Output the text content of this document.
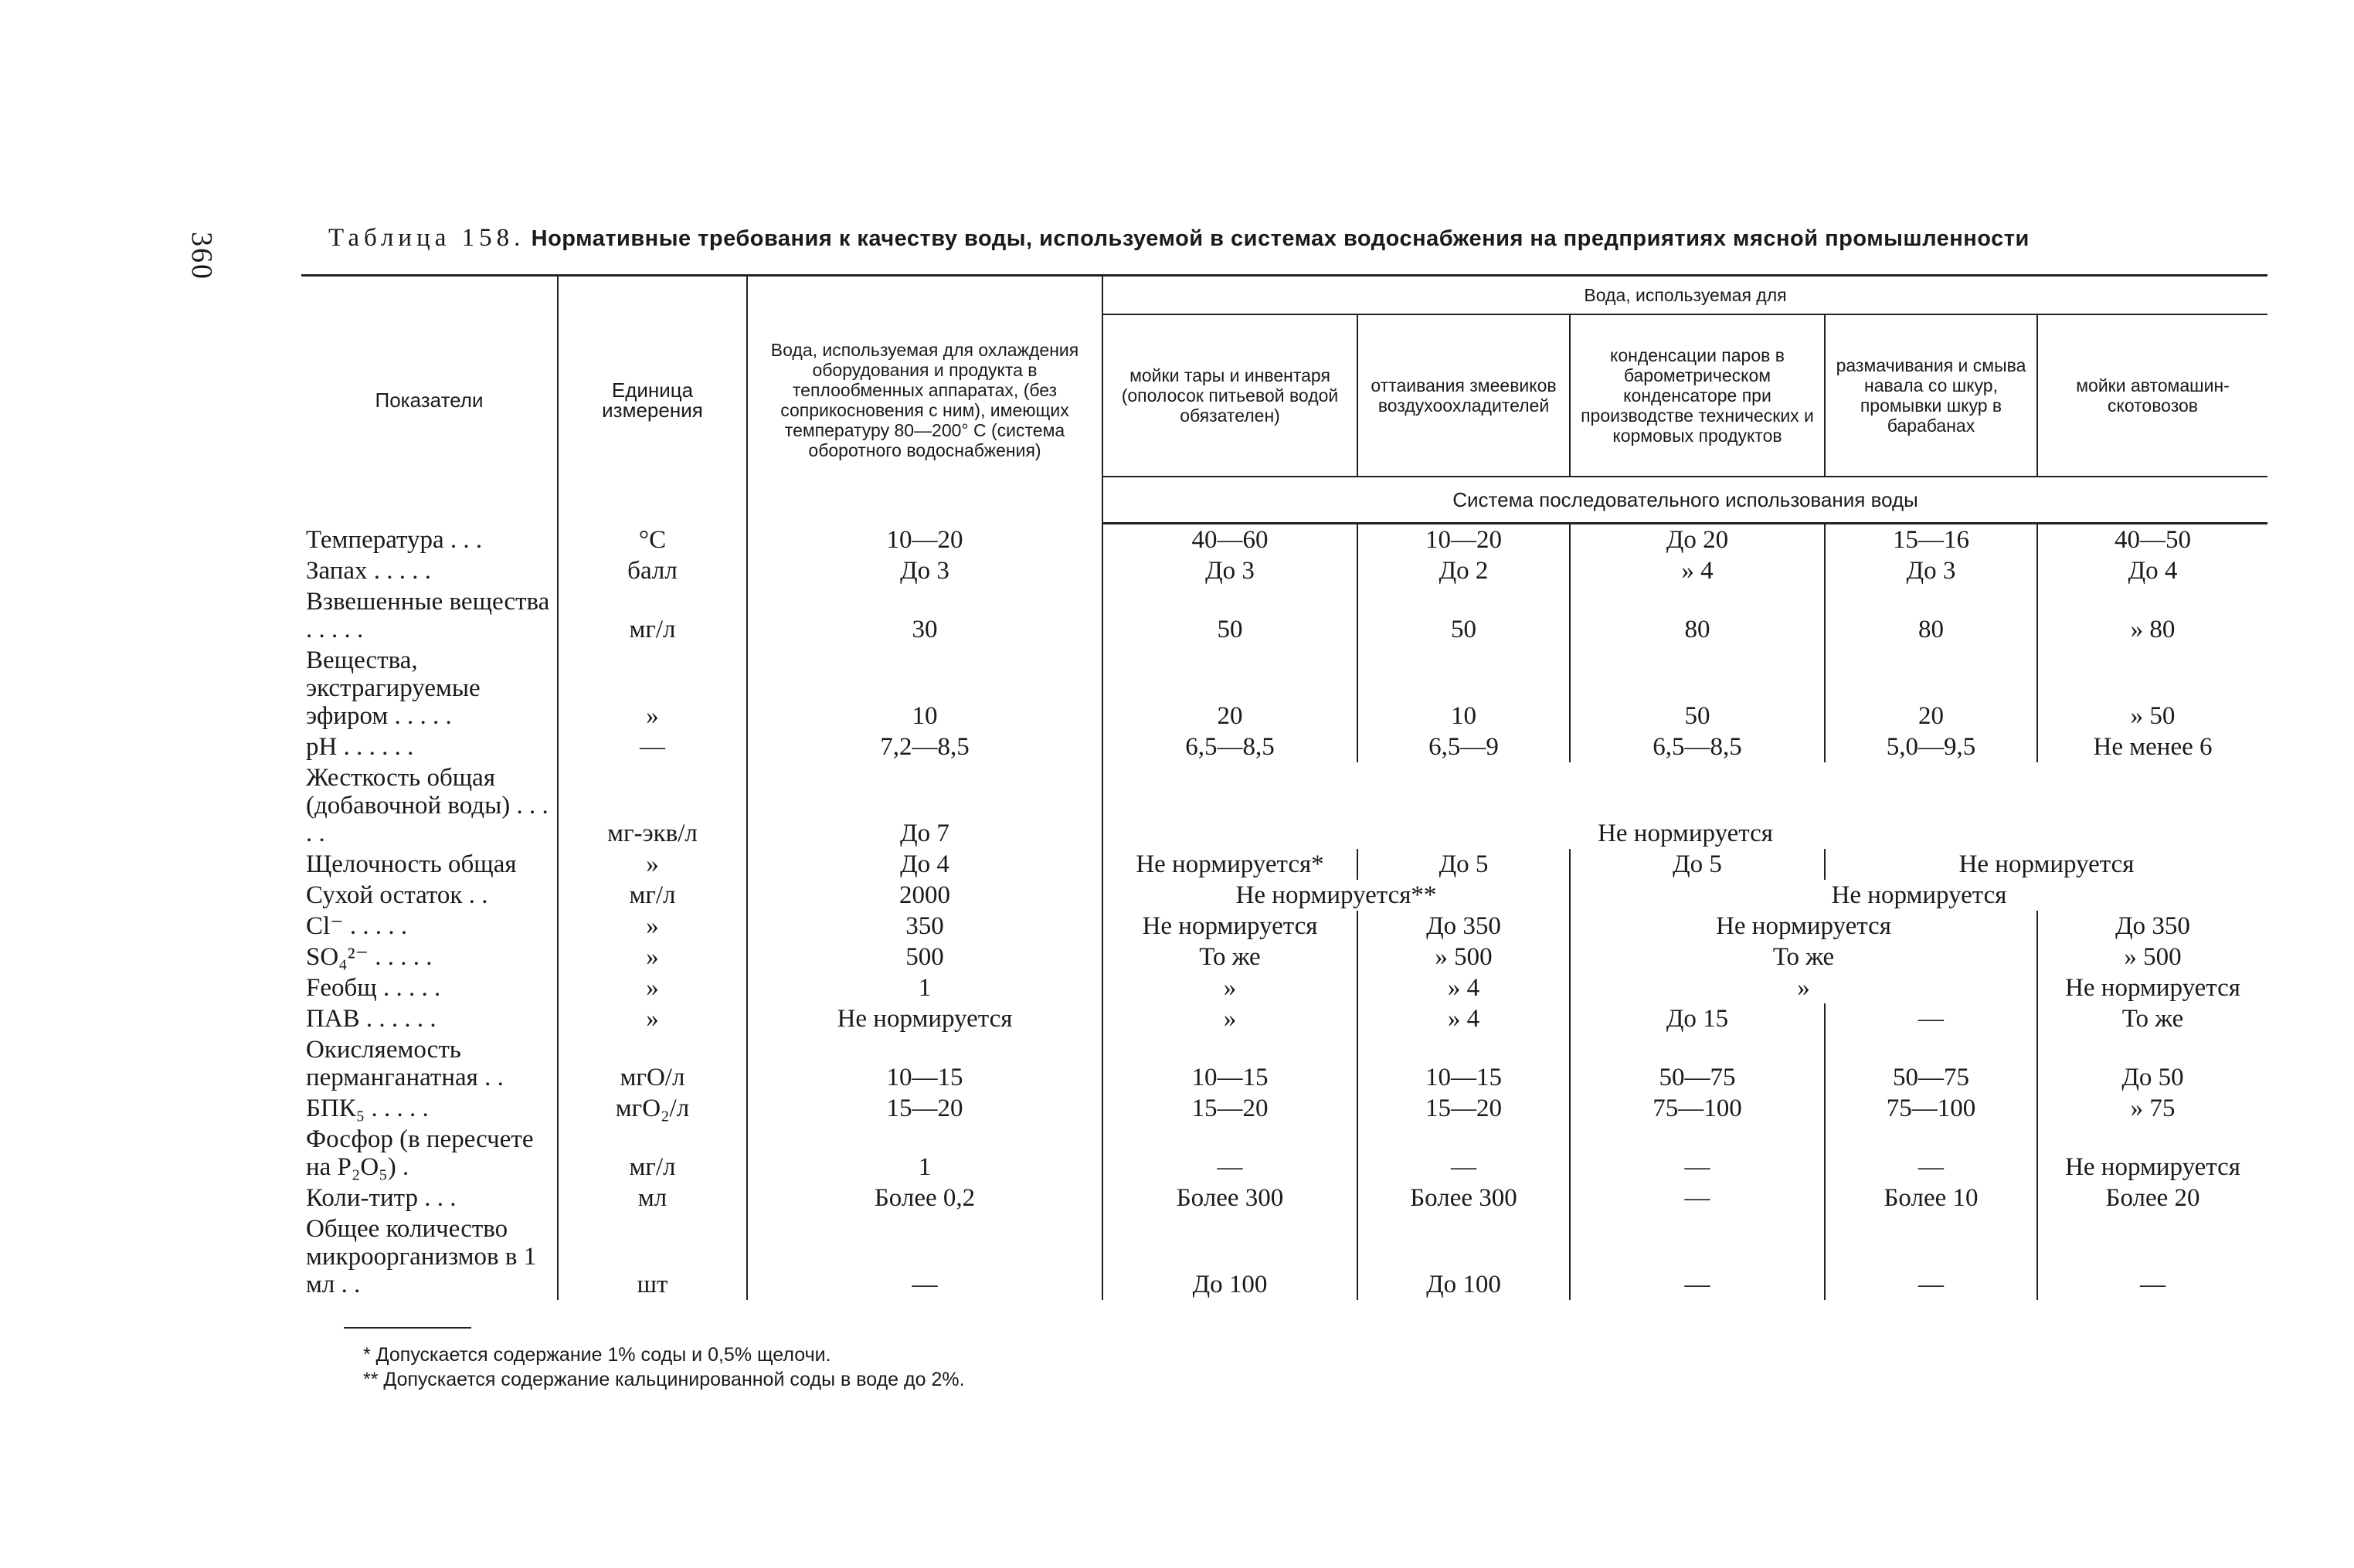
360	Таблица 158. Нормативные требования к качеству воды, используемой в системах водоснабжения на предприятиях мясной промышленности
Показатели	Единица измерения	Вода, используемая для охлаждения оборудования и продукта в теплообменных аппаратах, (без соприкосновения с ним), имеющих температуру 80—200° С (система оборотного водоснабжения)	Вода, используемая для				
			мойки тары и инвентаря (ополосок питьевой водой обязателен)	оттаивания змеевиков воздухоохладителей	конденсации паров в барометрическом конденсаторе при производстве технических и кормовых продуктов	размачивания и смыва навала со шкур, промывки шкур в барабанах	мойки автомашин-скотовозов
			Система последовательного использования воды				
Температура . . .	°C	10—20	40—60	10—20	До 20	15—16	40—50
Запах . . . . .	балл	До 3	До 3	До 2	» 4	До 3	До 4
Взвешенные вещества . . . . .	мг/л	30	50	50	80	80	» 80
Вещества, экстрагируемые эфиром . . . . .	»	10	20	10	50	20	» 50
pH . . . . . .	—	7,2—8,5	6,5—8,5	6,5—9	6,5—8,5	5,0—9,5	Не менее 6
Жесткость общая (добавочной воды) . . . . .	мг-экв/л	До 7	Не нормируется				
Щелочность общая	»	До 4	Не нормируется*	До 5	До 5	Не нормируется	
Сухой остаток . .	мг/л	2000	Не нормируется**		Не нормируется		
Cl⁻ . . . . .	»	350	Не нормируется	До 350	Не нормируется		До 350
SO₄²⁻ . . . . .	»	500	То же	» 500	То же		» 500
Feобщ . . . . .	»	1	»	» 4	»		Не нормируется
ПАВ . . . . . .	»	Не нормируется	»	» 4	До 15	—	То же
Окисляемость перманганатная . .	мгО/л	10—15	10—15	10—15	50—75	50—75	До 50
БПК₅ . . . . .	мгО₂/л	15—20	15—20	15—20	75—100	75—100	» 75
Фосфор (в пересчете на P₂O₅) .	мг/л	1	—	—	—	—	Не нормируется
Коли-титр . . .	мл	Более 0,2	Более 300	Более 300	—	Более 10	Более 20
Общее количество микроорганизмов в 1 мл . .	шт	—	До 100	До 100	—	—	—
* Допускается содержание 1% соды и 0,5% щелочи.
** Допускается содержание кальцинированной соды в воде до 2%.
